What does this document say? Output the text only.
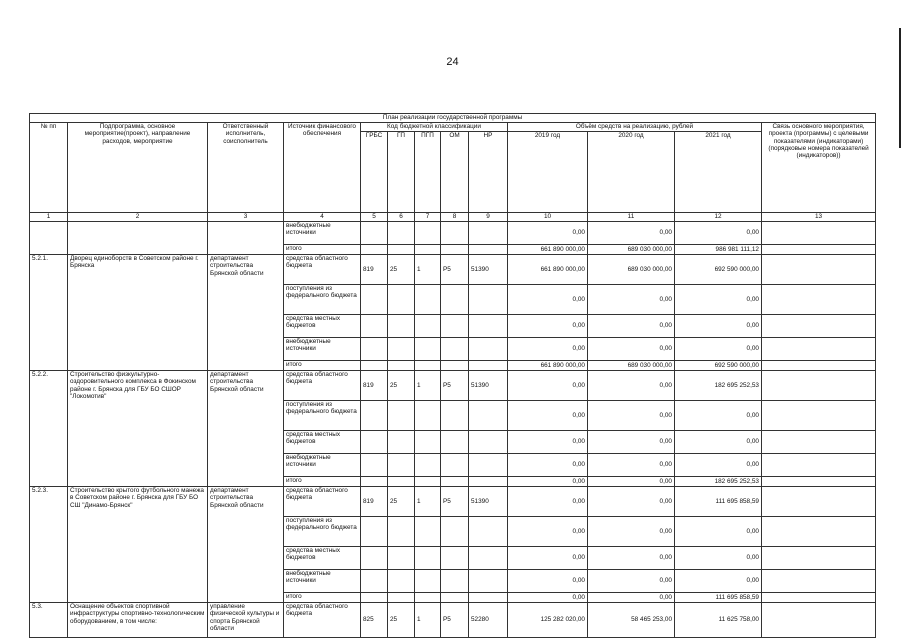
24
План реализации государственной программы												
№ пп	Подпрограмма, основное мероприятие(проект), направление расходов, мероприятие	Ответственный исполнитель, соисполнитель	Источник финансового обеспечения	Код бюджетной классификации					Объём средств на реализацию, рублей			Связь основного мероприятия, проекта (программы) с целевыми показателями (индикаторами) (порядковые номера показателей (индикаторов))
				ГРБС	ГП	ПГП	ОМ	НР	2019 год	2020 год	2021 год	
1	2	3	4	5	6	7	8	9	10	11	12	13
			внебюджетные источники						0,00	0,00	0,00	
			итого						661 890 000,00	689 030 000,00	986 981 111,12	
5.2.1.	Дворец единоборств в Советском районе г. Брянска	департамент строительства Брянской области	средства областного бюджета	819	25	1	P5	51390	661 890 000,00	689 030 000,00	692 590 000,00	
			поступления из федерального бюджета						0,00	0,00	0,00	
			средства местных бюджетов						0,00	0,00	0,00	
			внебюджетные источники						0,00	0,00	0,00	
			итого						661 890 000,00	689 030 000,00	692 590 000,00	
5.2.2.	Строительство физкультурно-оздоровительного комплекса в Фокинском районе г. Брянска для ГБУ БО СШОР "Локомотив"	департамент строительства Брянской области	средства областного бюджета	819	25	1	P5	51390	0,00	0,00	182 695 252,53	
			поступления из федерального бюджета						0,00	0,00	0,00	
			средства местных бюджетов						0,00	0,00	0,00	
			внебюджетные источники						0,00	0,00	0,00	
			итого						0,00	0,00	182 695 252,53	
5.2.3.	Строительство крытого футбольного манежа в Советском районе г. Брянска для ГБУ БО СШ "Динамо-Брянск"	департамент строительства Брянской области	средства областного бюджета	819	25	1	P5	51390	0,00	0,00	111 695 858,59	
			поступления из федерального бюджета						0,00	0,00	0,00	
			средства местных бюджетов						0,00	0,00	0,00	
			внебюджетные источники						0,00	0,00	0,00	
			итого						0,00	0,00	111 695 858,59	
5.3.	Оснащение объектов спортивной инфраструктуры спортивно-технологическим оборудованием, в том числе:	управление физической культуры и спорта Брянской области	средства областного бюджета	825	25	1	P5	52280	125 282 020,00	58 465 253,00	11 625 758,00	
